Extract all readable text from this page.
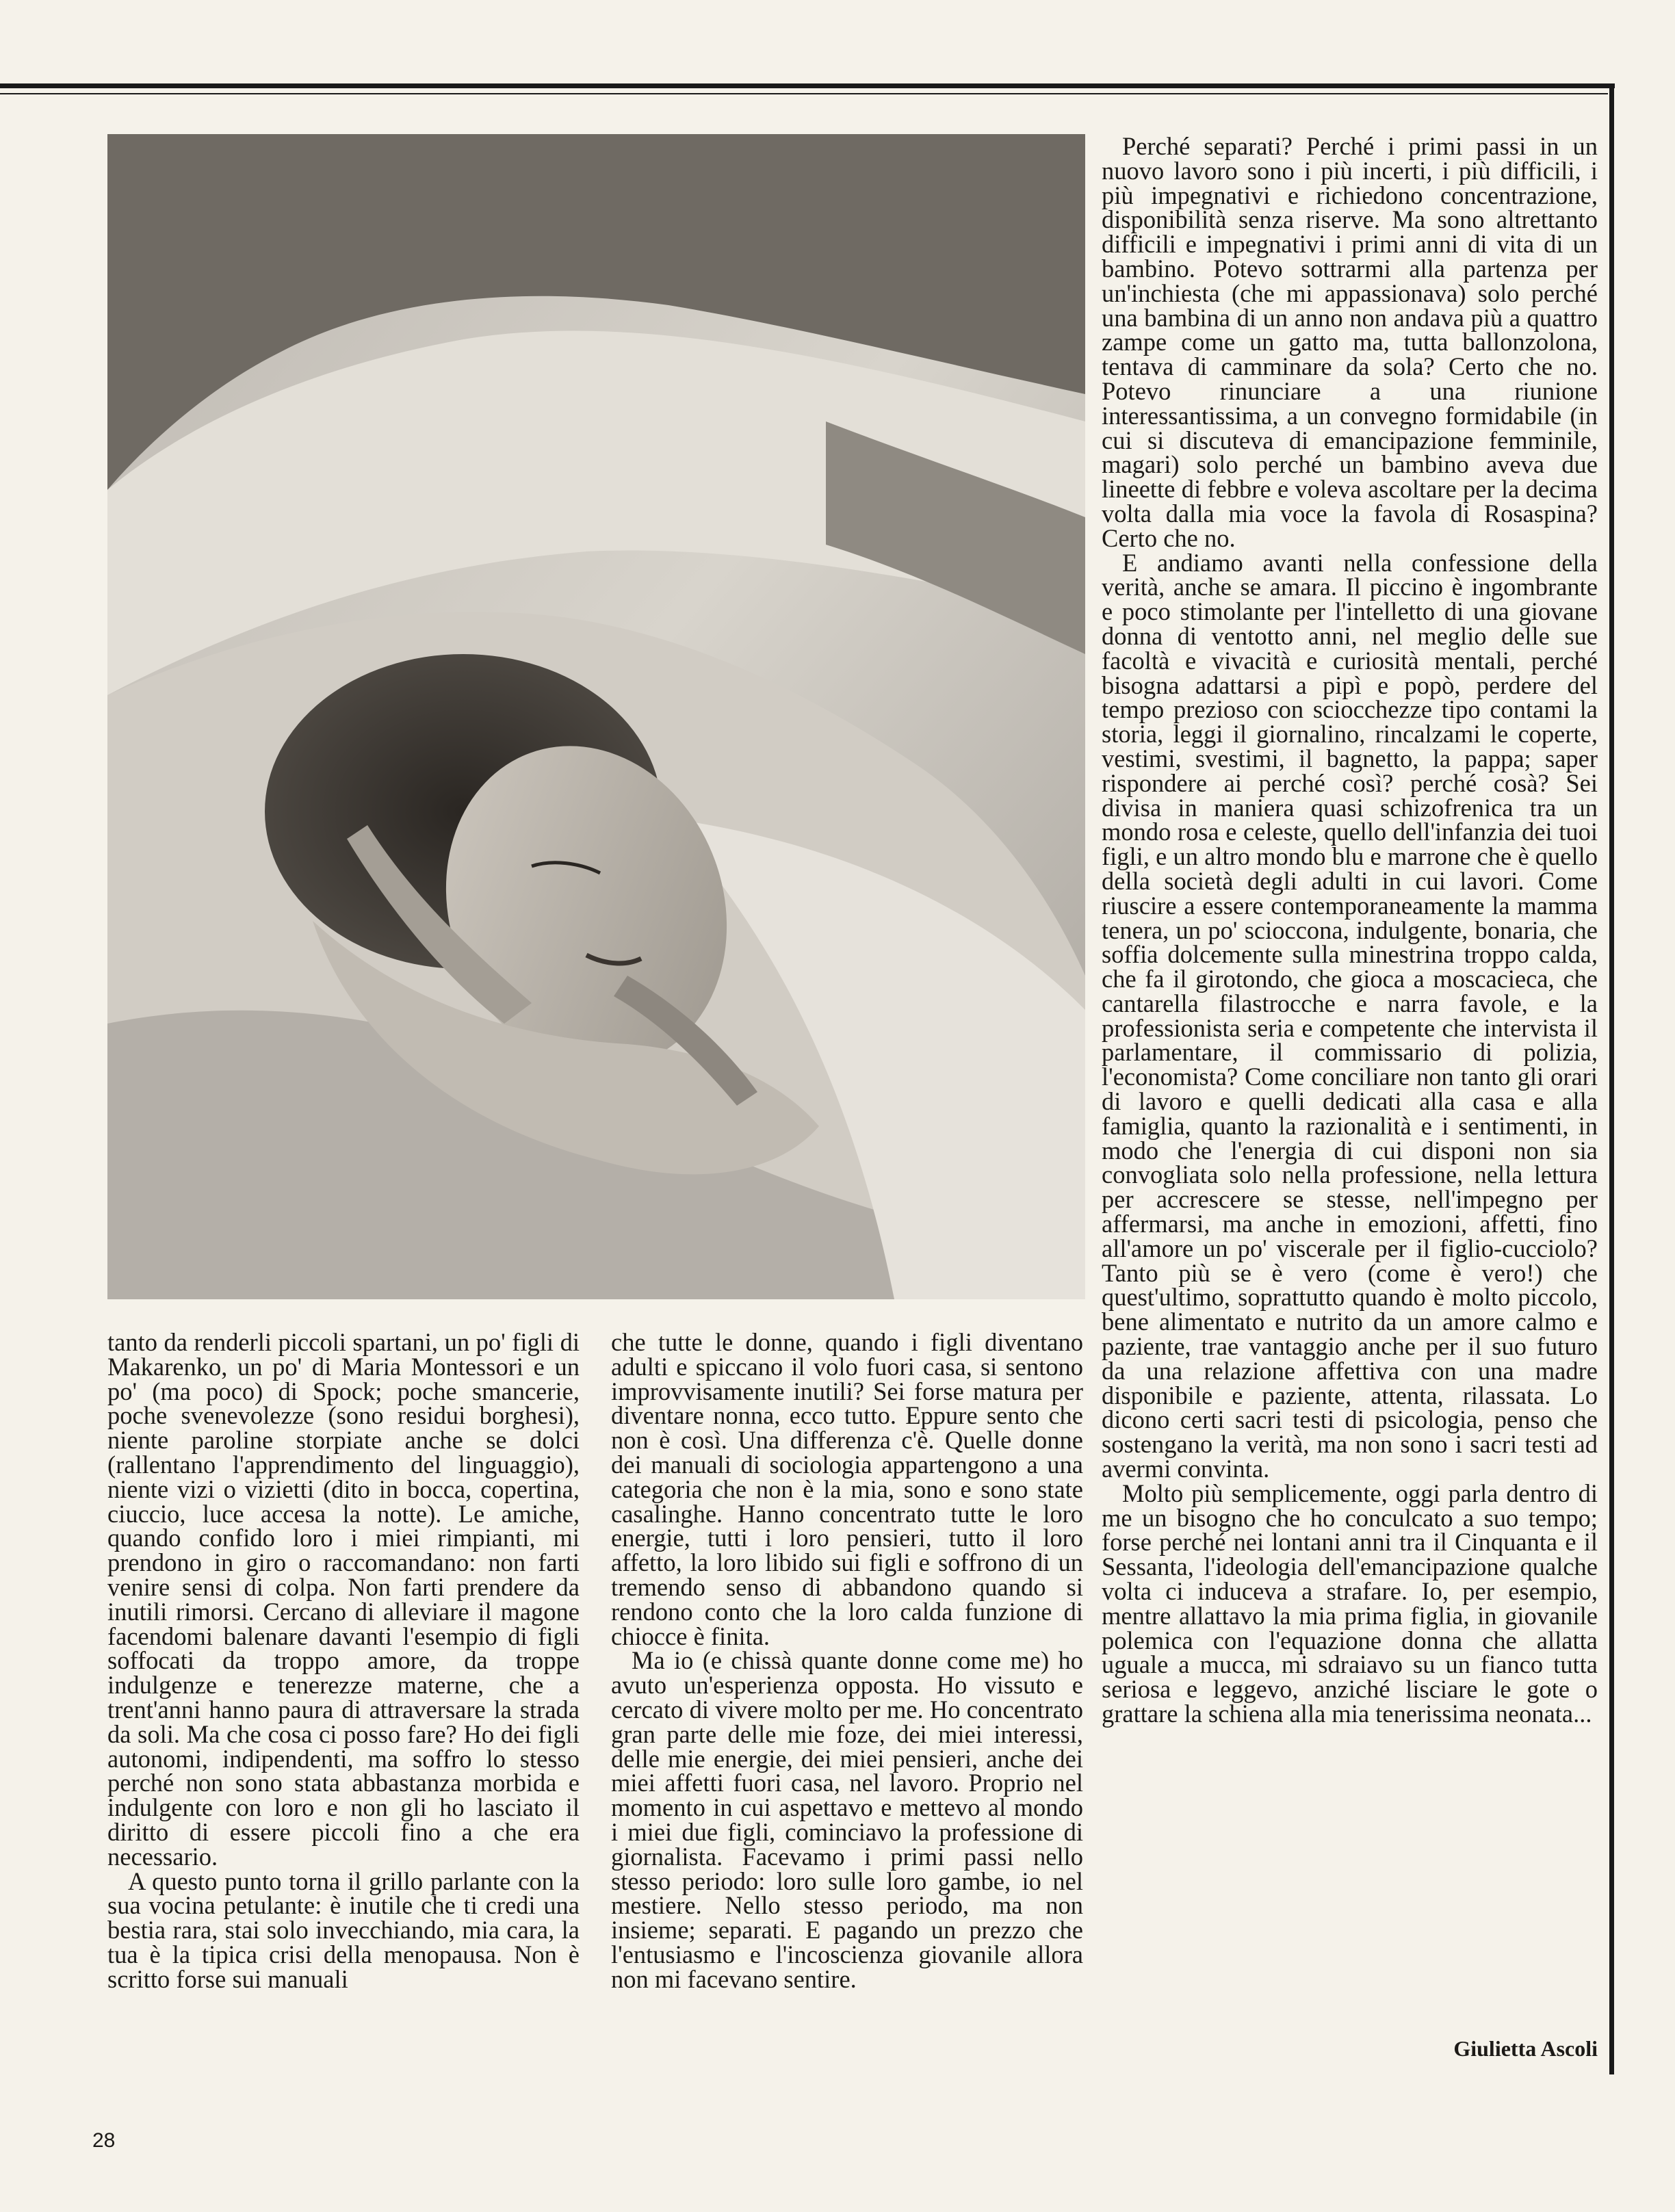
Perché separati? Perché i primi passi in un nuovo lavoro sono i più incerti, i più difficili, i più impegnativi e richiedono concentrazione, disponibilità senza riserve. Ma sono altrettanto difficili e impegnativi i primi anni di vita di un bambino. Potevo sottrarmi alla partenza per un'inchiesta (che mi appassionava) solo perché una bambina di un anno non andava più a quattro zampe come un gatto ma, tutta ballonzolona, tentava di camminare da sola? Certo che no. Potevo rinunciare a una riunione interessantissima, a un convegno formidabile (in cui si discuteva di emancipazione femminile, magari) solo perché un bambino aveva due lineette di febbre e voleva ascoltare per la decima volta dalla mia voce la favola di Rosaspina? Certo che no.

E andiamo avanti nella confessione della verità, anche se amara. Il piccino è ingombrante e poco stimolante per l'intelletto di una giovane donna di ventotto anni, nel meglio delle sue facoltà e vivacità e curiosità mentali, perché bisogna adattarsi a pipì e popò, perdere del tempo prezioso con sciocchezze tipo contami la storia, leggi il giornalino, rincalzami le coperte, vestimi, svestimi, il bagnetto, la pappa; saper rispondere ai perché così? perché cosà? Sei divisa in maniera quasi schizofrenica tra un mondo rosa e celeste, quello dell'infanzia dei tuoi figli, e un altro mondo blu e marrone che è quello della società degli adulti in cui lavori. Come riuscire a essere contemporaneamente la mamma tenera, un po' scioccona, indulgente, bonaria, che soffia dolcemente sulla minestrina troppo calda, che fa il girotondo, che gioca a moscacieca, che cantarella filastrocche e narra favole, e la professionista seria e competente che intervista il parlamentare, il commissario di polizia, l'economista? Come conciliare non tanto gli orari di lavoro e quelli dedicati alla casa e alla famiglia, quanto la razionalità e i sentimenti, in modo che l'energia di cui disponi non sia convogliata solo nella professione, nella lettura per accrescere se stesse, nell'impegno per affermarsi, ma anche in emozioni, affetti, fino all'amore un po' viscerale per il figlio-cucciolo? Tanto più se è vero (come è vero!) che quest'ultimo, soprattutto quando è molto piccolo, bene alimentato e nutrito da un amore calmo e paziente, trae vantaggio anche per il suo futuro da una relazione affettiva con una madre disponibile e paziente, attenta, rilassata. Lo dicono certi sacri testi di psicologia, penso che sostengano la verità, ma non sono i sacri testi ad avermi convinta.

Molto più semplicemente, oggi parla dentro di me un bisogno che ho conculcato a suo tempo; forse perché nei lontani anni tra il Cinquanta e il Sessanta, l'ideologia dell'emancipazione qualche volta ci induceva a strafare. Io, per esempio, mentre allattavo la mia prima figlia, in giovanile polemica con l'equazione donna che allatta uguale a mucca, mi sdraiavo su un fianco tutta seriosa e leggevo, anziché lisciare le gote o grattare la schiena alla mia tenerissima neonata...

tanto da renderli piccoli spartani, un po' figli di Makarenko, un po' di Maria Montessori e un po' (ma poco) di Spock; poche smancerie, poche svenevolezze (sono residui borghesi), niente paroline storpiate anche se dolci (rallentano l'apprendimento del linguaggio), niente vizi o vizietti (dito in bocca, copertina, ciuccio, luce accesa la notte). Le amiche, quando confido loro i miei rimpianti, mi prendono in giro o raccomandano: non farti venire sensi di colpa. Non farti prendere da inutili rimorsi. Cercano di alleviare il magone facendomi balenare davanti l'esempio di figli soffocati da troppo amore, da troppe indulgenze e tenerezze materne, che a trent'anni hanno paura di attraversare la strada da soli. Ma che cosa ci posso fare? Ho dei figli autonomi, indipendenti, ma soffro lo stesso perché non sono stata abbastanza morbida e indulgente con loro e non gli ho lasciato il diritto di essere piccoli fino a che era necessario.

A questo punto torna il grillo parlante con la sua vocina petulante: è inutile che ti credi una bestia rara, stai solo invecchiando, mia cara, la tua è la tipica crisi della menopausa. Non è scritto forse sui manuali

che tutte le donne, quando i figli diventano adulti e spiccano il volo fuori casa, si sentono improvvisamente inutili? Sei forse matura per diventare nonna, ecco tutto. Eppure sento che non è così. Una differenza c'è. Quelle donne dei manuali di sociologia appartengono a una categoria che non è la mia, sono e sono state casalinghe. Hanno concentrato tutte le loro energie, tutti i loro pensieri, tutto il loro affetto, la loro libido sui figli e soffrono di un tremendo senso di abbandono quando si rendono conto che la loro calda funzione di chiocce è finita.

Ma io (e chissà quante donne come me) ho avuto un'esperienza opposta. Ho vissuto e cercato di vivere molto per me. Ho concentrato gran parte delle mie foze, dei miei interessi, delle mie energie, dei miei pensieri, anche dei miei affetti fuori casa, nel lavoro. Proprio nel momento in cui aspettavo e mettevo al mondo i miei due figli, cominciavo la professione di giornalista. Facevamo i primi passi nello stesso periodo: loro sulle loro gambe, io nel mestiere. Nello stesso periodo, ma non insieme; separati. E pagando un prezzo che l'entusiasmo e l'incoscienza giovanile allora non mi facevano sentire.

Giulietta Ascoli
28
